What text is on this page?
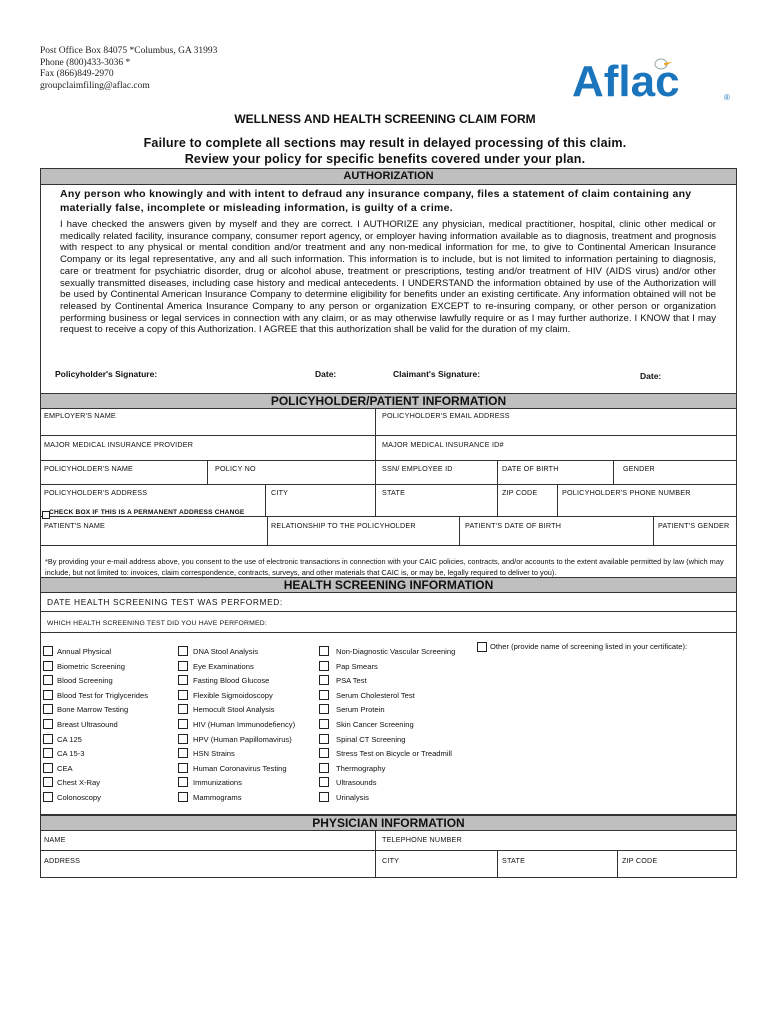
Post Office Box 84075 *Columbus, GA 31993
Phone (800)433-3036 *
Fax (866)849-2970
groupclaimfiling@aflac.com	Aflac	®
WELLNESS AND HEALTH SCREENING CLAIM FORM
Failure to complete all sections may result in delayed processing of this claim.
Review your policy for specific benefits covered under your plan.
AUTHORIZATION
Any person who knowingly and with intent to defraud any insurance company, files a statement of claim containing any materially false, incomplete or misleading information, is guilty of a crime.
I have checked the answers given by myself and they are correct. I AUTHORIZE any physician, medical practitioner, hospital, clinic other medical or medically related facility, insurance company, consumer report agency, or employer having information available as to diagnosis, treatment and prognosis with respect to any physical or mental condition and/or treatment and any non-medical information for me, to give to Continental American Insurance Company or its legal representative, any and all such information. This information is to include, but is not limited to information pertaining to diagnosis, care or treatment for psychiatric disorder, drug or alcohol abuse, treatment or prescriptions, testing and/or treatment of HIV (AIDS virus) and/or other sexually transmitted diseases, including case history and medical antecedents. I UNDERSTAND the information obtained by use of the Authorization will be used by Continental American Insurance Company to determine eligibility for benefits under an existing certificate. Any information obtained will not be released by Continental America Insurance Company to any person or organization EXCEPT to re-insuring company, or other person or organization performing business or legal services in connection with any claim, or as may otherwise lawfully require or as I may further authorize. I KNOW that I may request to receive a copy of this Authorization. I AGREE that this authorization shall be valid for the duration of my claim.
Policyholder's Signature:	Date:	Claimant's Signature:	Date:
POLICYHOLDER/PATIENT INFORMATION
EMPLOYER'S NAME	POLICYHOLDER'S EMAIL ADDRESS
MAJOR MEDICAL INSURANCE PROVIDER	MAJOR MEDICAL INSURANCE ID#
POLICYHOLDER'S NAME	POLICY NO	SSN/ EMPLOYEE ID	DATE OF BIRTH	GENDER
POLICYHOLDER'S ADDRESS	CITY	STATE	ZIP CODE	POLICYHOLDER'S PHONE NUMBER
CHECK BOX IF THIS IS A PERMANENT ADDRESS CHANGE
PATIENT'S NAME	RELATIONSHIP TO THE POLICYHOLDER	PATIENT'S DATE OF BIRTH	PATIENT'S GENDER
*By providing your e-mail address above, you consent to the use of electronic transactions in connection with your CAIC policies, contracts, and/or accounts to the extent available permitted by law (which may include, but not limited to: invoices, claim correspondence, contracts, surveys, and other materials that CAIC is, or may be, legally required to deliver to you).
HEALTH SCREENING INFORMATION
DATE HEALTH SCREENING TEST WAS PERFORMED:
WHICH HEALTH SCREENING TEST DID YOU HAVE PERFORMED:
Annual Physical
Biometric Screening
Blood Screening
Blood Test for Triglycerides
Bone Marrow Testing
Breast Ultrasound
CA 125
CA 15-3
CEA
Chest X-Ray
Colonoscopy
DNA Stool Analysis
Eye Examinations
Fasting Blood Glucose
Flexible Sigmoidoscopy
Hemocult Stool Analysis
HIV (Human Immunodefiency)
HPV (Human Papillomavirus)
HSN Strains
Human Coronavirus Testing
Immunizations
Mammograms
Non-Diagnostic Vascular Screening
Pap Smears
PSA Test
Serum Cholesterol Test
Serum Protein
Skin Cancer Screening
Spinal CT Screening
Stress Test on Bicycle or Treadmill
Thermography
Ultrasounds
Urinalysis
Other (provide name of screening listed in your certificate):
PHYSICIAN INFORMATION
NAME	TELEPHONE NUMBER
ADDRESS	CITY	STATE	ZIP CODE
